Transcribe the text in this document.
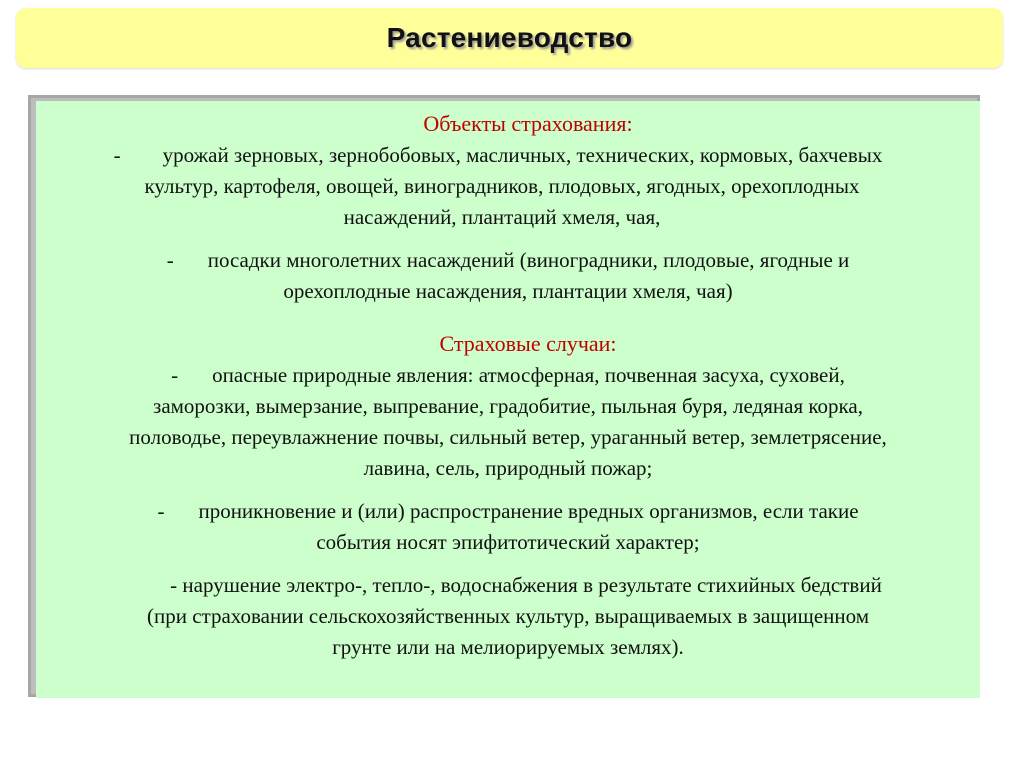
Растениеводство
Объекты страхования:
- урожай зерновых, зернобобовых, масличных, технических, кормовых, бахчевых
культур, картофеля, овощей, виноградников, плодовых, ягодных, орехоплодных
насаждений, плантаций хмеля, чая,
- посадки многолетних насаждений (виноградники, плодовые, ягодные и
орехоплодные насаждения, плантации хмеля, чая)
Страховые случаи:
- опасные природные явления: атмосферная, почвенная засуха, суховей,
заморозки, вымерзание, выпревание, градобитие, пыльная буря, ледяная корка,
половодье, переувлажнение почвы, сильный ветер, ураганный ветер, землетрясение,
лавина, сель, природный пожар;
- проникновение и (или) распространение вредных организмов, если такие
события носят эпифитотический характер;
- нарушение электро-, тепло-, водоснабжения в результате стихийных бедствий
(при страховании сельскохозяйственных культур, выращиваемых в защищенном
грунте или на мелиорируемых землях).
